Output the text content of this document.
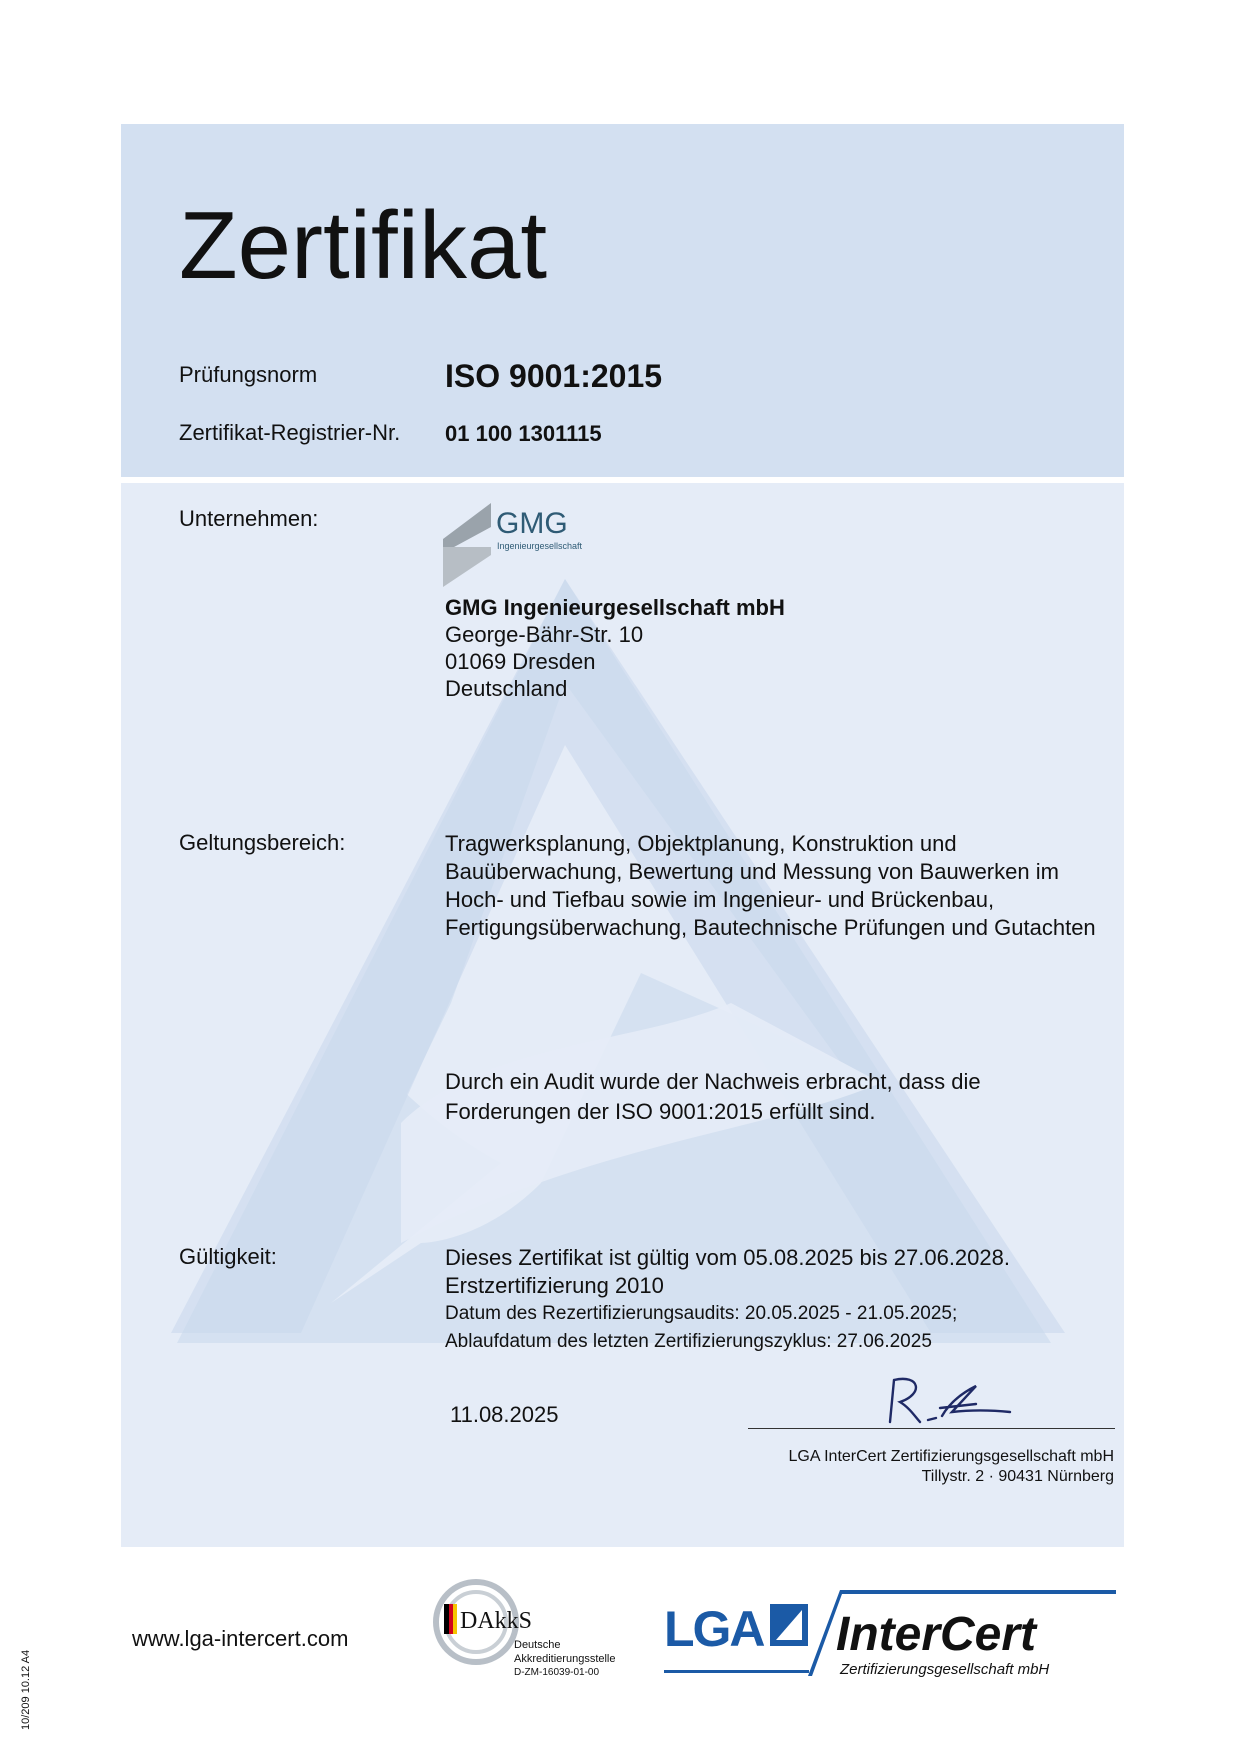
Zertifikat
Prüfungsnorm	ISO 9001:2015
Zertifikat-Registrier-Nr. 01 100 1301115
Unternehmen:	GMG
Ingenieurgesellschaft
GMG Ingenieurgesellschaft mbH
George-Bähr-Str. 10
01069 Dresden
Deutschland
Geltungsbereich:	Tragwerksplanung, Objektplanung, Konstruktion und Bauüberwachung, Bewertung und Messung von Bauwerken im Hoch- und Tiefbau sowie im Ingenieur- und Brückenbau, Fertigungsüberwachung, Bautechnische Prüfungen und Gutachten
Durch ein Audit wurde der Nachweis erbracht, dass die Forderungen der ISO 9001:2015 erfüllt sind.
Gültigkeit:	Dieses Zertifikat ist gültig vom 05.08.2025 bis 27.06.2028.
Erstzertifizierung 2010
Datum des Rezertifizierungsaudits: 20.05.2025 - 21.05.2025;
Ablaufdatum des letzten Zertifizierungszyklus: 27.06.2025
11.08.2025
LGA InterCert Zertifizierungsgesellschaft mbH
Tillystr. 2 · 90431 Nürnberg
www.lga-intercert.com
DAkkS
Deutsche
Akkreditierungsstelle
D-ZM-16039-01-00
LGA InterCert
Zertifizierungsgesellschaft mbH
10/209 10.12 A4
